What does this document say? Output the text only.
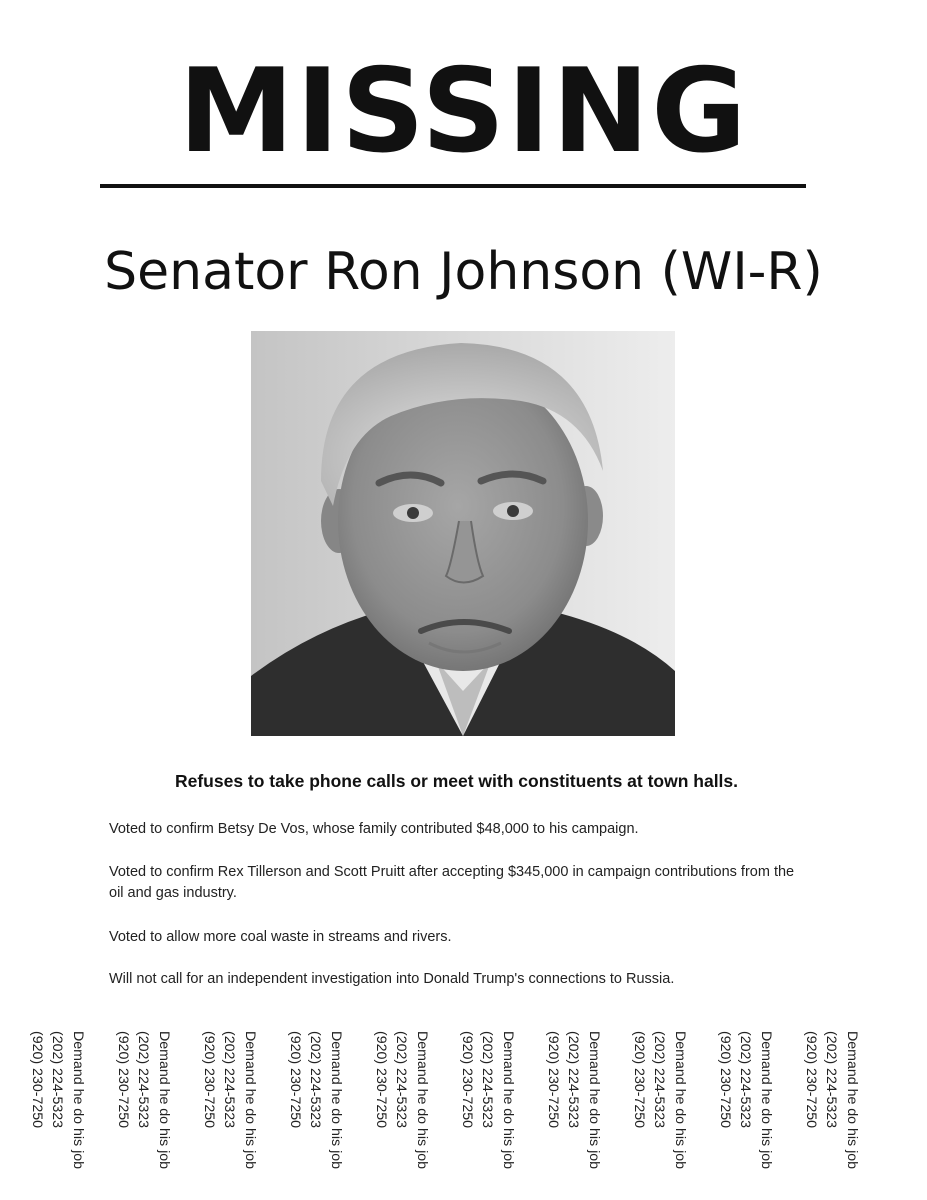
MISSING
Senator Ron Johnson (WI-R)
Refuses to take phone calls or meet with constituents at town halls.
Voted to confirm Betsy De Vos, whose family contributed $48,000 to his campaign.
Voted to confirm Rex Tillerson and Scott Pruitt after accepting $345,000 in campaign contributions from the oil and gas industry.
Voted to allow more coal waste in streams and rivers.
Will not call for an independent investigation into Donald Trump's connections to Russia.
Demand he do his job
(202) 224-5323
(920) 230-7250	Demand he do his job
(202) 224-5323
(920) 230-7250	Demand he do his job
(202) 224-5323
(920) 230-7250	Demand he do his job
(202) 224-5323
(920) 230-7250	Demand he do his job
(202) 224-5323
(920) 230-7250	Demand he do his job
(202) 224-5323
(920) 230-7250	Demand he do his job
(202) 224-5323
(920) 230-7250	Demand he do his job
(202) 224-5323
(920) 230-7250	Demand he do his job
(202) 224-5323
(920) 230-7250	Demand he do his job
(202) 224-5323
(920) 230-7250
